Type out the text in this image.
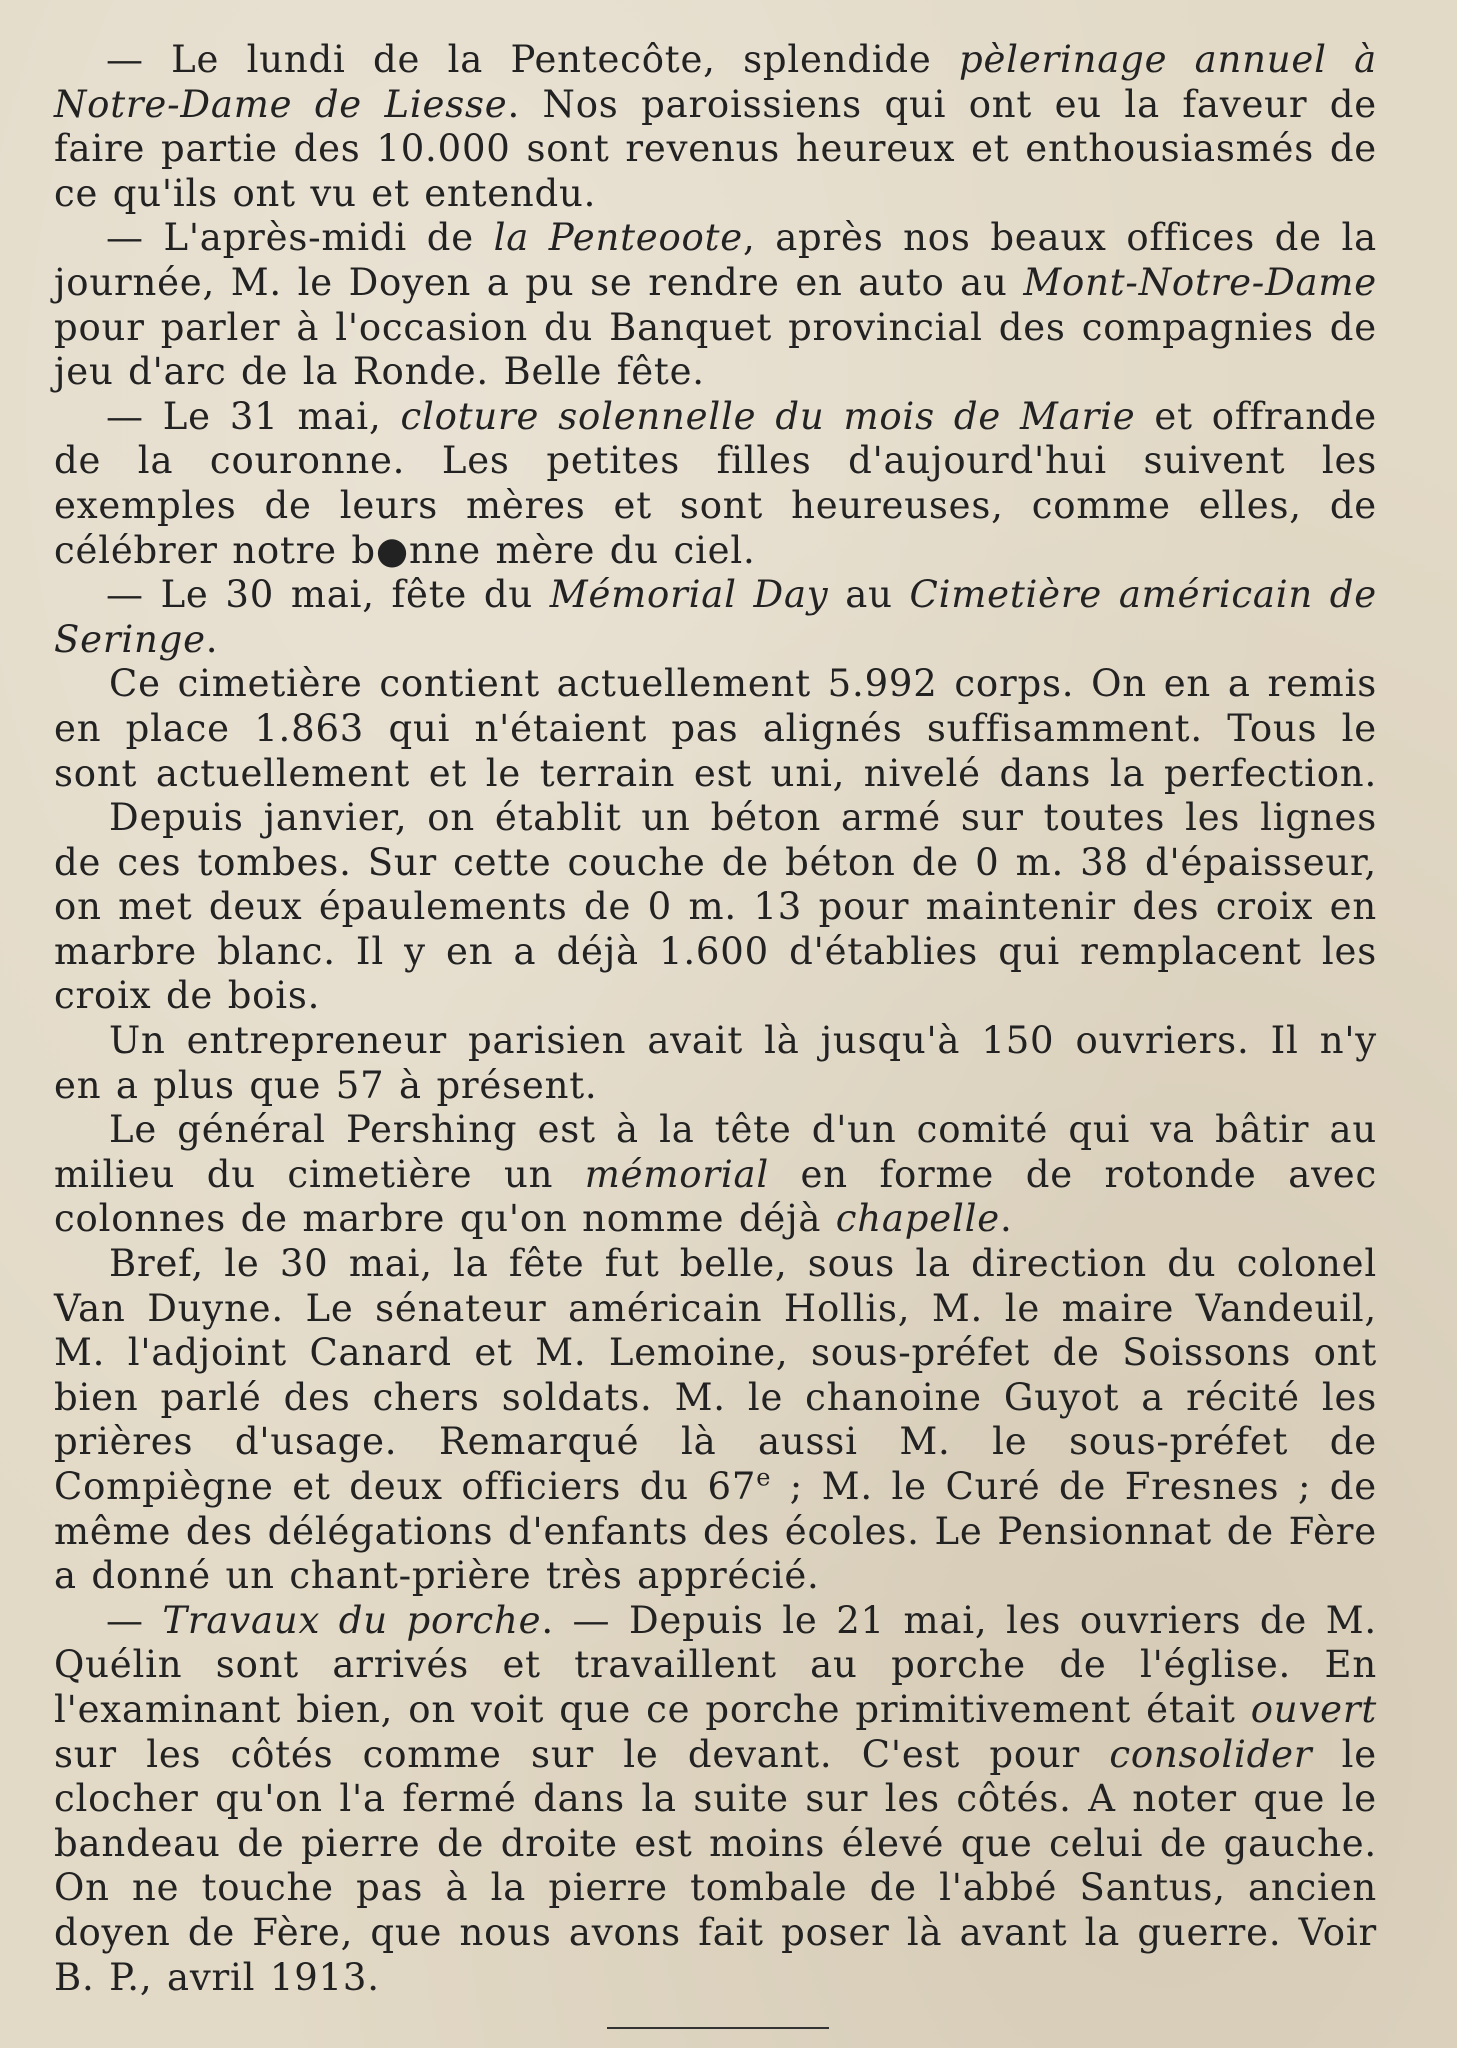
— Le lundi de la Pentecôte, splendide pèlerinage annuel à Notre-Dame de Liesse. Nos paroissiens qui ont eu la faveur de faire partie des 10.000 sont revenus heureux et enthousiasmés de ce qu'ils ont vu et entendu.

— L'après-midi de la Penteoote, après nos beaux offices de la journée, M. le Doyen a pu se rendre en auto au Mont-Notre-Dame pour parler à l'occasion du Banquet provincial des compagnies de jeu d'arc de la Ronde. Belle fête.

— Le 31 mai, cloture solennelle du mois de Marie et offrande de la couronne. Les petites filles d'aujourd'hui suivent les exemples de leurs mères et sont heureuses, comme elles, de célébrer notre b●nne mère du ciel.

— Le 30 mai, fête du Mémorial Day au Cimetière américain de Seringe.

Ce cimetière contient actuellement 5.992 corps. On en a remis en place 1.863 qui n'étaient pas alignés suffisamment. Tous le sont actuellement et le terrain est uni, nivelé dans la perfection.

Depuis janvier, on établit un béton armé sur toutes les lignes de ces tombes. Sur cette couche de béton de 0 m. 38 d'épaisseur, on met deux épaulements de 0 m. 13 pour maintenir des croix en marbre blanc. Il y en a déjà 1.600 d'établies qui remplacent les croix de bois.

Un entrepreneur parisien avait là jusqu'à 150 ouvriers. Il n'y en a plus que 57 à présent.

Le général Pershing est à la tête d'un comité qui va bâtir au milieu du cimetière un mémorial en forme de rotonde avec colonnes de marbre qu'on nomme déjà chapelle.

Bref, le 30 mai, la fête fut belle, sous la direction du colonel Van Duyne. Le sénateur américain Hollis, M. le maire Vandeuil, M. l'adjoint Canard et M. Lemoine, sous-préfet de Soissons ont bien parlé des chers soldats. M. le chanoine Guyot a récité les prières d'usage. Remarqué là aussi M. le sous-préfet de Compiègne et deux officiers du 67e ; M. le Curé de Fresnes ; de même des délégations d'enfants des écoles. Le Pensionnat de Fère a donné un chant-prière très apprécié.

— Travaux du porche. — Depuis le 21 mai, les ouvriers de M. Quélin sont arrivés et travaillent au porche de l'église. En l'examinant bien, on voit que ce porche primitivement était ouvert sur les côtés comme sur le devant. C'est pour consolider le clocher qu'on l'a fermé dans la suite sur les côtés. A noter que le bandeau de pierre de droite est moins élevé que celui de gauche. On ne touche pas à la pierre tombale de l'abbé Santus, ancien doyen de Fère, que nous avons fait poser là avant la guerre. Voir B. P., avril 1913.
